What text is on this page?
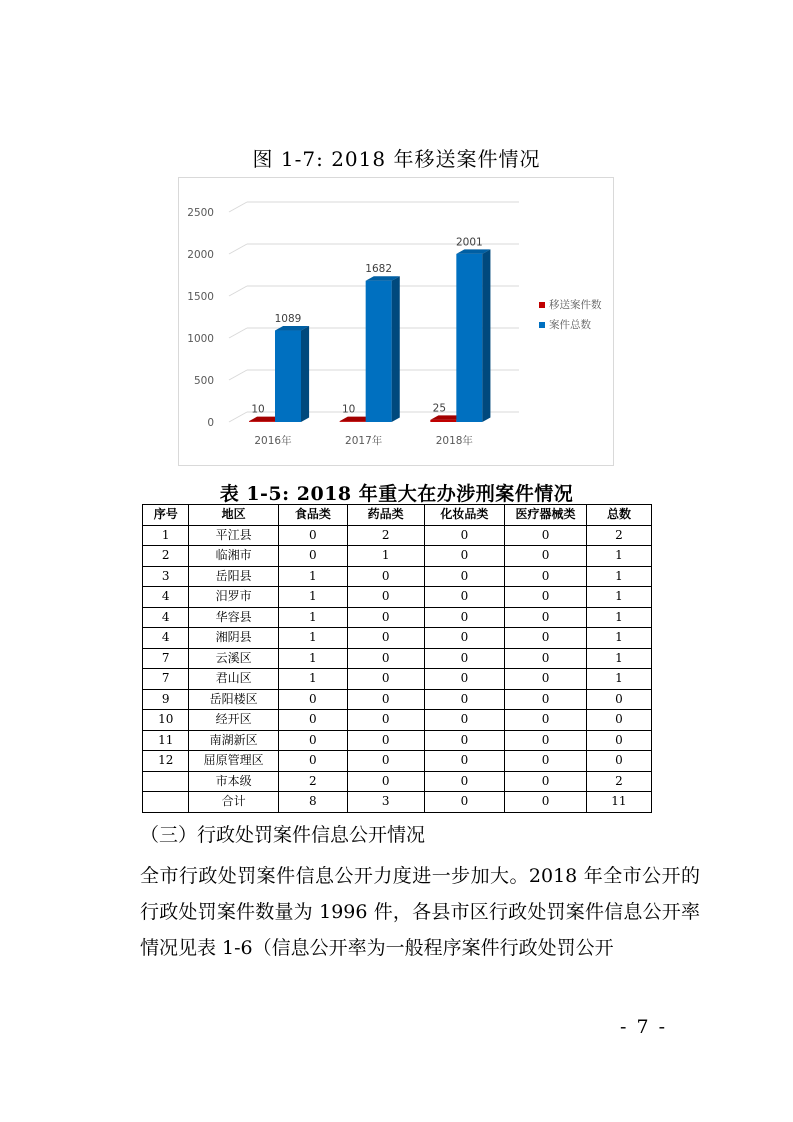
图 1-7: 2018 年移送案件情况
0
500
1000
1500
2000
2500
10
1089
2016年
10
1682
2017年
25
2001
2018年
移送案件数
案件总数
表 1-5: 2018 年重大在办涉刑案件情况
序号	地区	食品类	药品类	化妆品类	医疗器械类	总数
1	平江县	0	2	0	0	2
2	临湘市	0	1	0	0	1
3	岳阳县	1	0	0	0	1
4	汨罗市	1	0	0	0	1
4	华容县	1	0	0	0	1
4	湘阴县	1	0	0	0	1
7	云溪区	1	0	0	0	1
7	君山区	1	0	0	0	1
9	岳阳楼区	0	0	0	0	0
10	经开区	0	0	0	0	0
11	南湖新区	0	0	0	0	0
12	屈原管理区	0	0	0	0	0
	市本级	2	0	0	0	2
	合计	8	3	0	0	11
（三）行政处罚案件信息公开情况
全市行政处罚案件信息公开力度进一步加大。2018 年全市公开的行政处罚案件数量为 1996 件，各县市区行政处罚案件信息公开率情况见表 1-6（信息公开率为一般程序案件行政处罚公开
- 7 -
